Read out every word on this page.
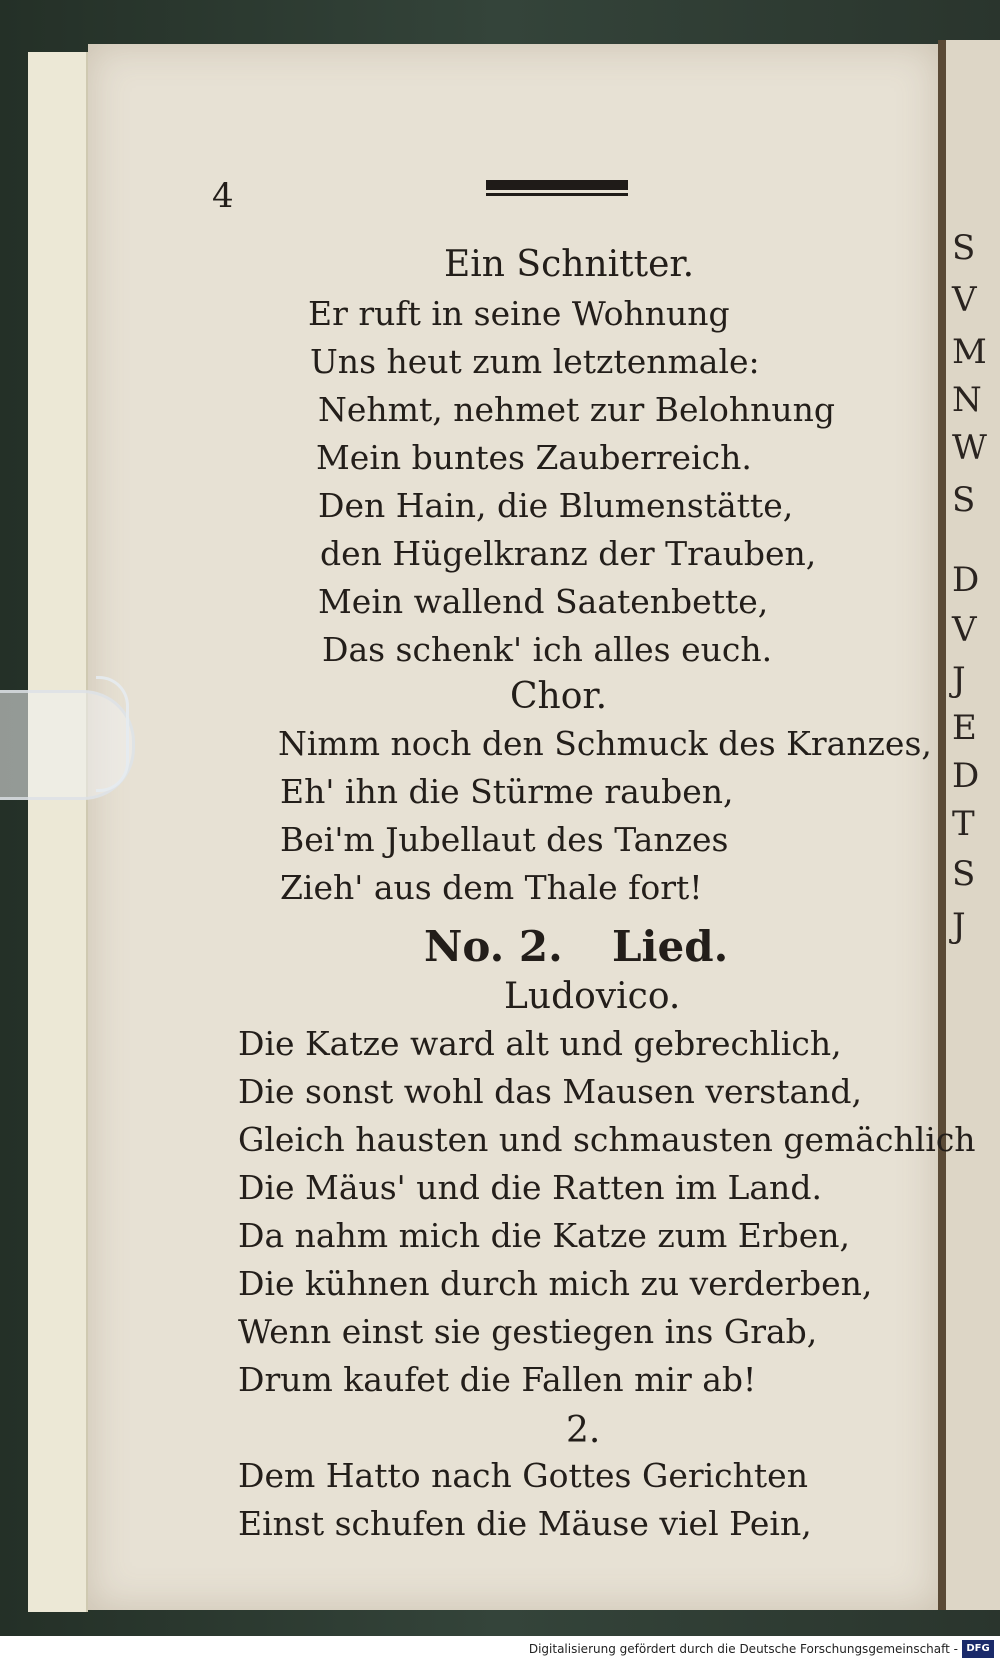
S
V
M
N
W
S
D
V
J
E
D
T
S
J
4
Ein Schnitter.
Er ruft in seine Wohnung
Uns heut zum letztenmale:
Nehmt, nehmet zur Belohnung
Mein buntes Zauberreich.
Den Hain, die Blumenstätte,
den Hügelkranz der Trauben,
Mein wallend Saatenbette,
Das schenk' ich alles euch.
Chor.
Nimm noch den Schmuck des Kranzes,
Eh' ihn die Stürme rauben,
Bei'm Jubellaut des Tanzes
Zieh' aus dem Thale fort!
No. 2. Lied.
Ludovico.
Die Katze ward alt und gebrechlich,
Die sonst wohl das Mausen verstand,
Gleich hausten und schmausten gemächlich
Die Mäus' und die Ratten im Land.
Da nahm mich die Katze zum Erben,
Die kühnen durch mich zu verderben,
Wenn einst sie gestiegen ins Grab,
Drum kaufet die Fallen mir ab!
2.
Dem Hatto nach Gottes Gerichten
Einst schufen die Mäuse viel Pein,
Digitalisierung gefördert durch die Deutsche Forschungsgemeinschaft - DFG
